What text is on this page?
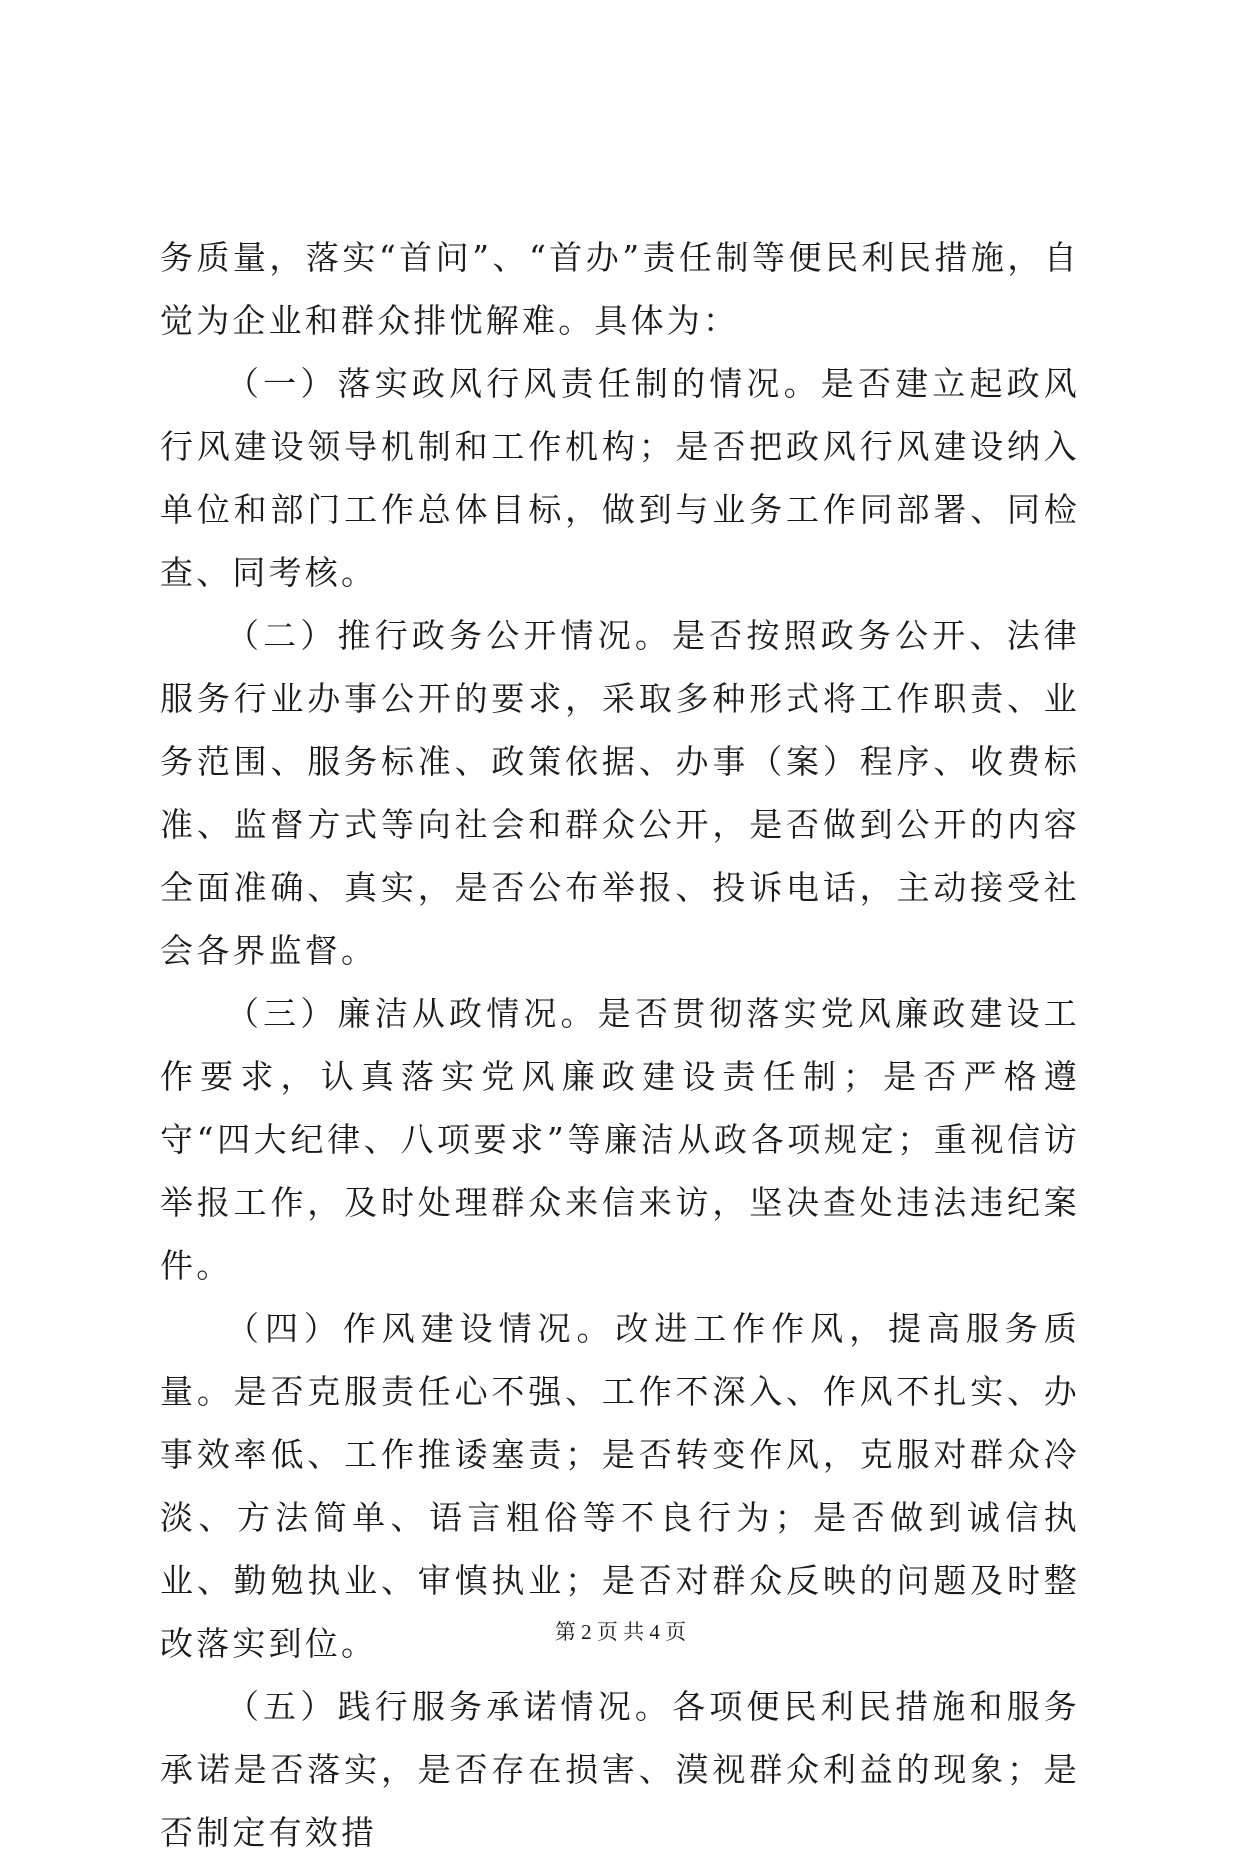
务质量，落实“首问”、“首办”责任制等便民利民措施，自觉为企业和群众排忧解难。具体为：

（一）落实政风行风责任制的情况。是否建立起政风行风建设领导机制和工作机构；是否把政风行风建设纳入单位和部门工作总体目标，做到与业务工作同部署、同检查、同考核。

（二）推行政务公开情况。是否按照政务公开、法律服务行业办事公开的要求，采取多种形式将工作职责、业务范围、服务标准、政策依据、办事（案）程序、收费标准、监督方式等向社会和群众公开，是否做到公开的内容全面准确、真实，是否公布举报、投诉电话，主动接受社会各界监督。

（三）廉洁从政情况。是否贯彻落实党风廉政建设工作要求，认真落实党风廉政建设责任制；是否严格遵守“四大纪律、八项要求”等廉洁从政各项规定；重视信访举报工作，及时处理群众来信来访，坚决查处违法违纪案件。

（四）作风建设情况。改进工作作风，提高服务质量。是否克服责任心不强、工作不深入、作风不扎实、办事效率低、工作推诿塞责；是否转变作风，克服对群众冷淡、方法简单、语言粗俗等不良行为；是否做到诚信执业、勤勉执业、审慎执业；是否对群众反映的问题及时整改落实到位。

（五）践行服务承诺情况。各项便民利民措施和服务承诺是否落实，是否存在损害、漠视群众利益的现象；是否制定有效措

第 2 页 共 4 页
